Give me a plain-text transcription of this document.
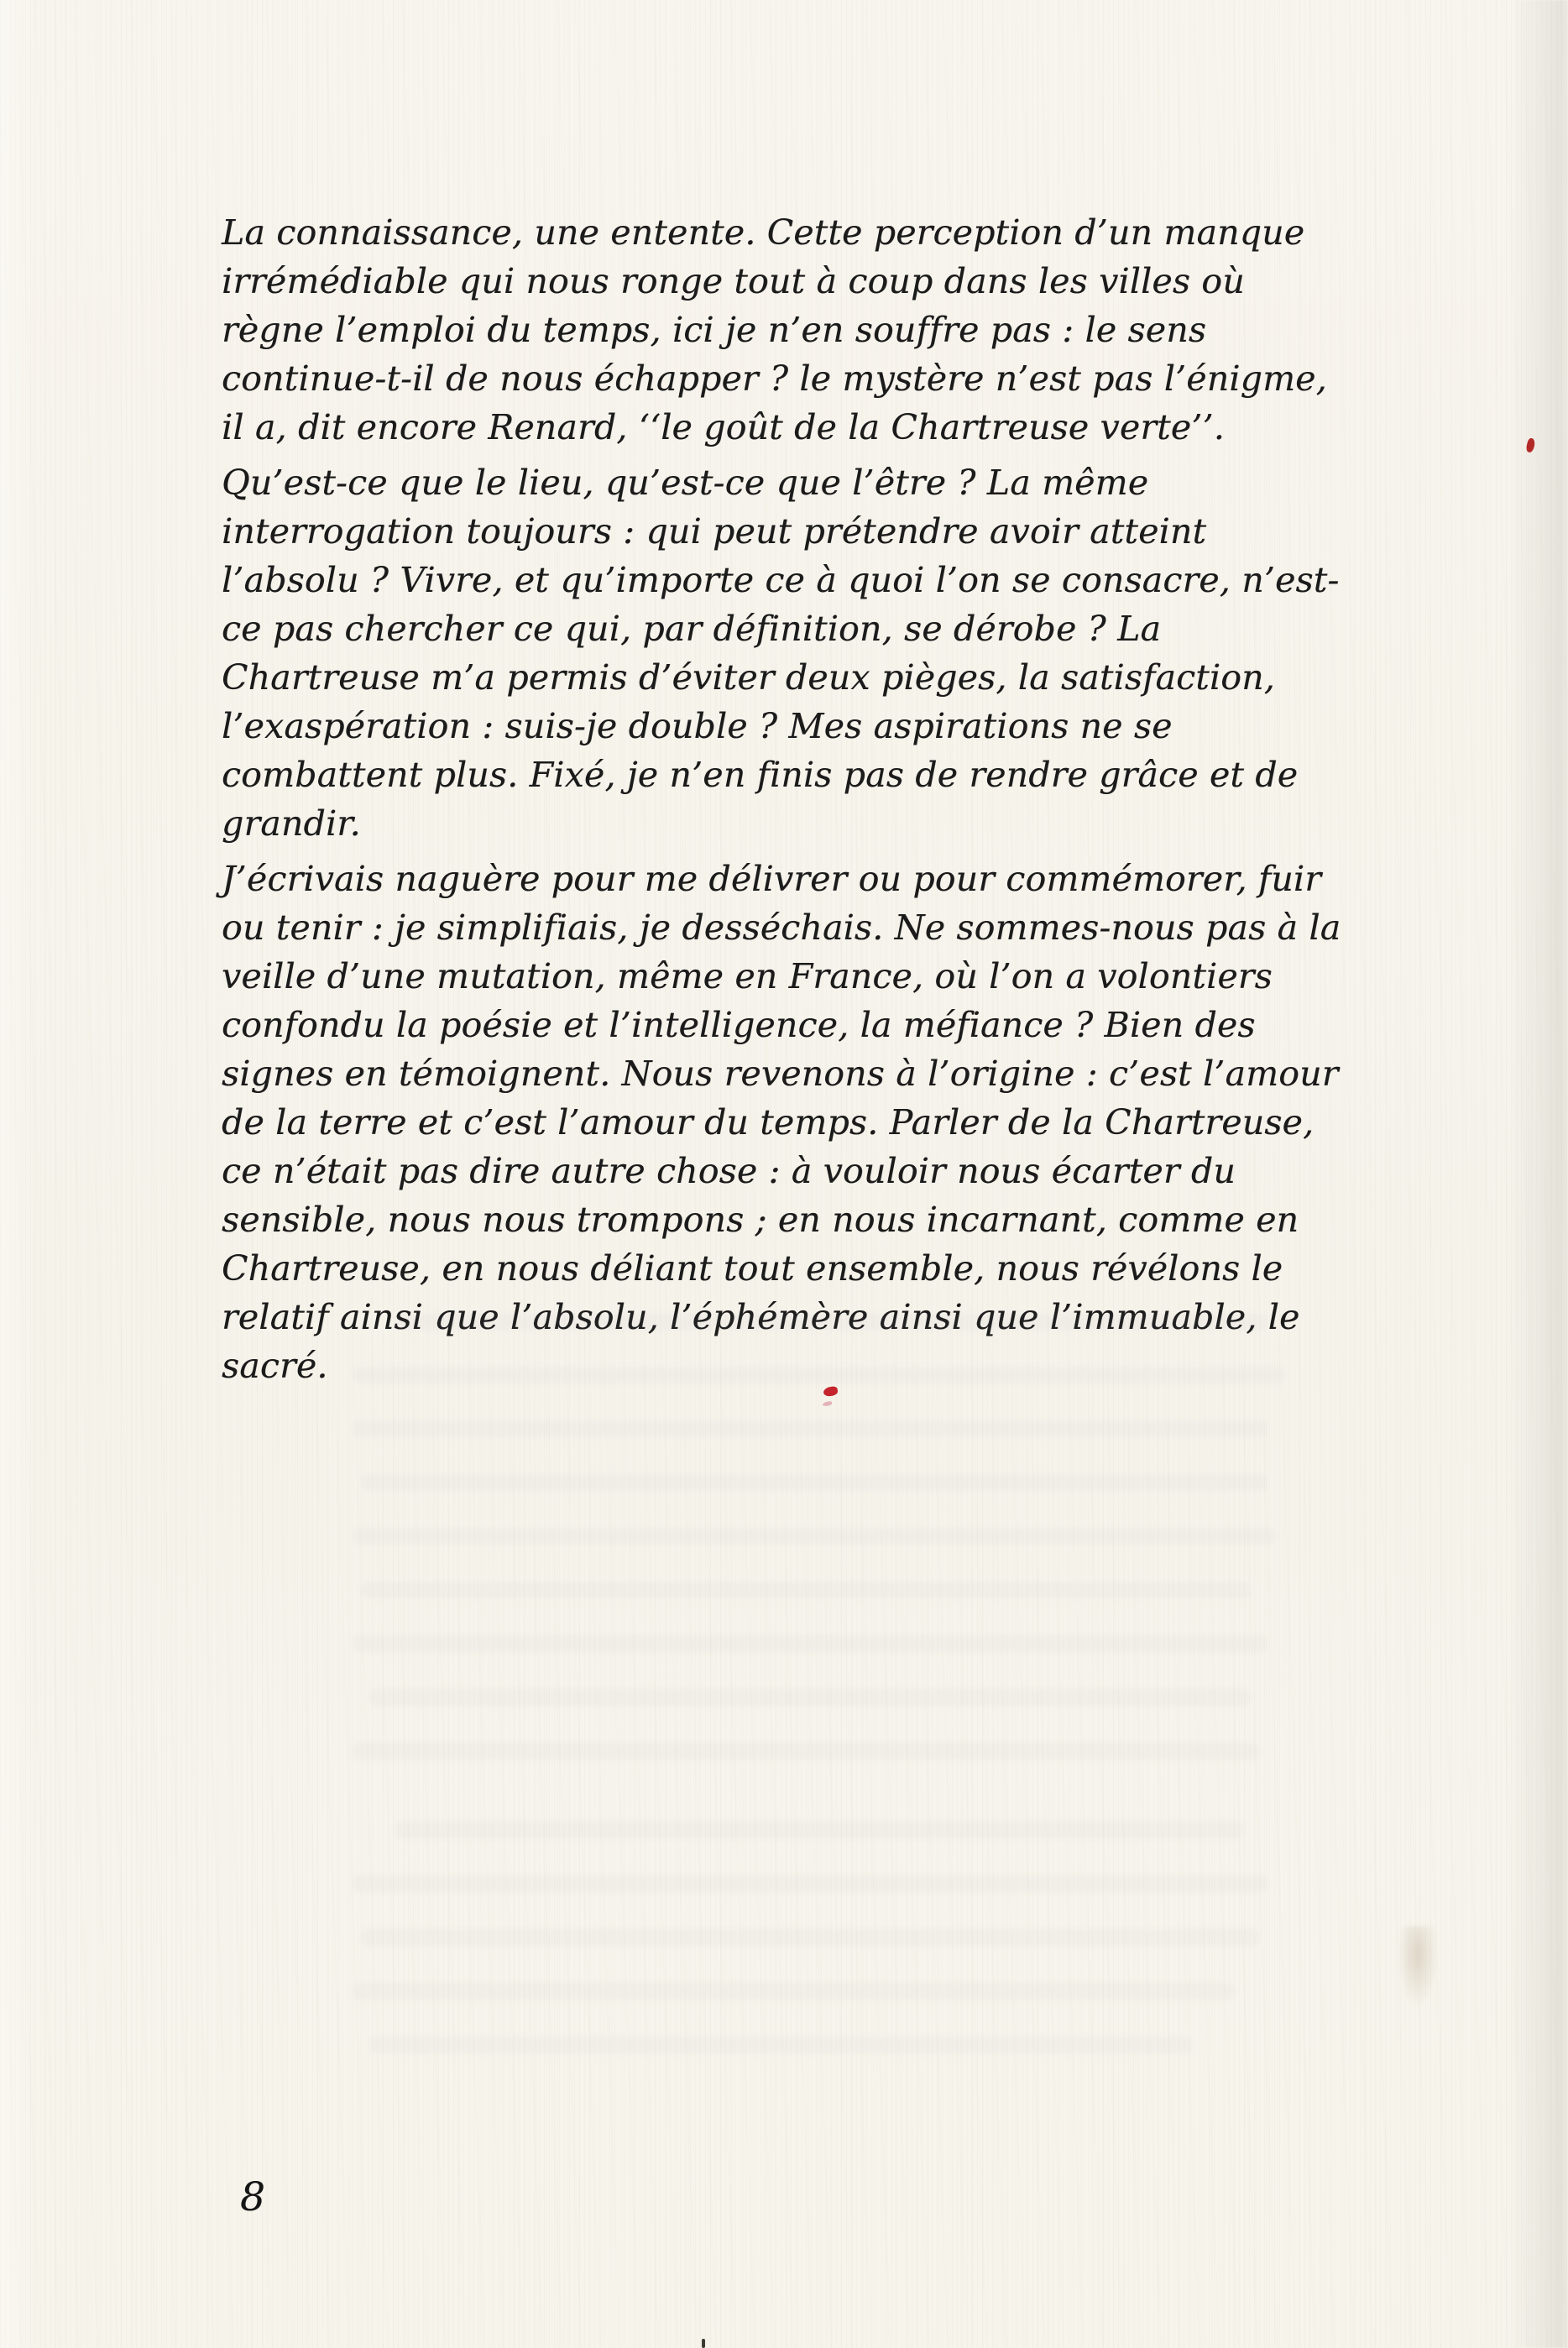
La connaissance, une entente. Cette perception d’un manque irrémédiable qui nous ronge tout à coup dans les villes où règne l’emploi du temps, ici je n’en souffre pas : le sens continue-t-il de nous échapper ? le mystère n’est pas l’énigme, il a, dit encore Renard, ‘‘le goût de la Chartreuse verte’’.

Qu’est-ce que le lieu, qu’est-ce que l’être ? La même interrogation toujours : qui peut prétendre avoir atteint l’absolu ? Vivre, et qu’importe ce à quoi l’on se consacre, n’est-ce pas chercher ce qui, par définition, se dérobe ? La Chartreuse m’a permis d’éviter deux pièges, la satisfaction, l’exaspération : suis-je double ? Mes aspirations ne se combattent plus. Fixé, je n’en finis pas de rendre grâce et de grandir.

J’écrivais naguère pour me délivrer ou pour commémorer, fuir ou tenir : je simplifiais, je desséchais. Ne sommes-nous pas à la veille d’une mutation, même en France, où l’on a volontiers confondu la poésie et l’intelligence, la méfiance ? Bien des signes en témoignent. Nous revenons à l’origine : c’est l’amour de la terre et c’est l’amour du temps. Parler de la Chartreuse, ce n’était pas dire autre chose : à vouloir nous écarter du sensible, nous nous trompons ; en nous incarnant, comme en Chartreuse, en nous déliant tout ensemble, nous révélons le relatif ainsi que l’absolu, l’éphémère ainsi que l’immuable, le sacré.

8
